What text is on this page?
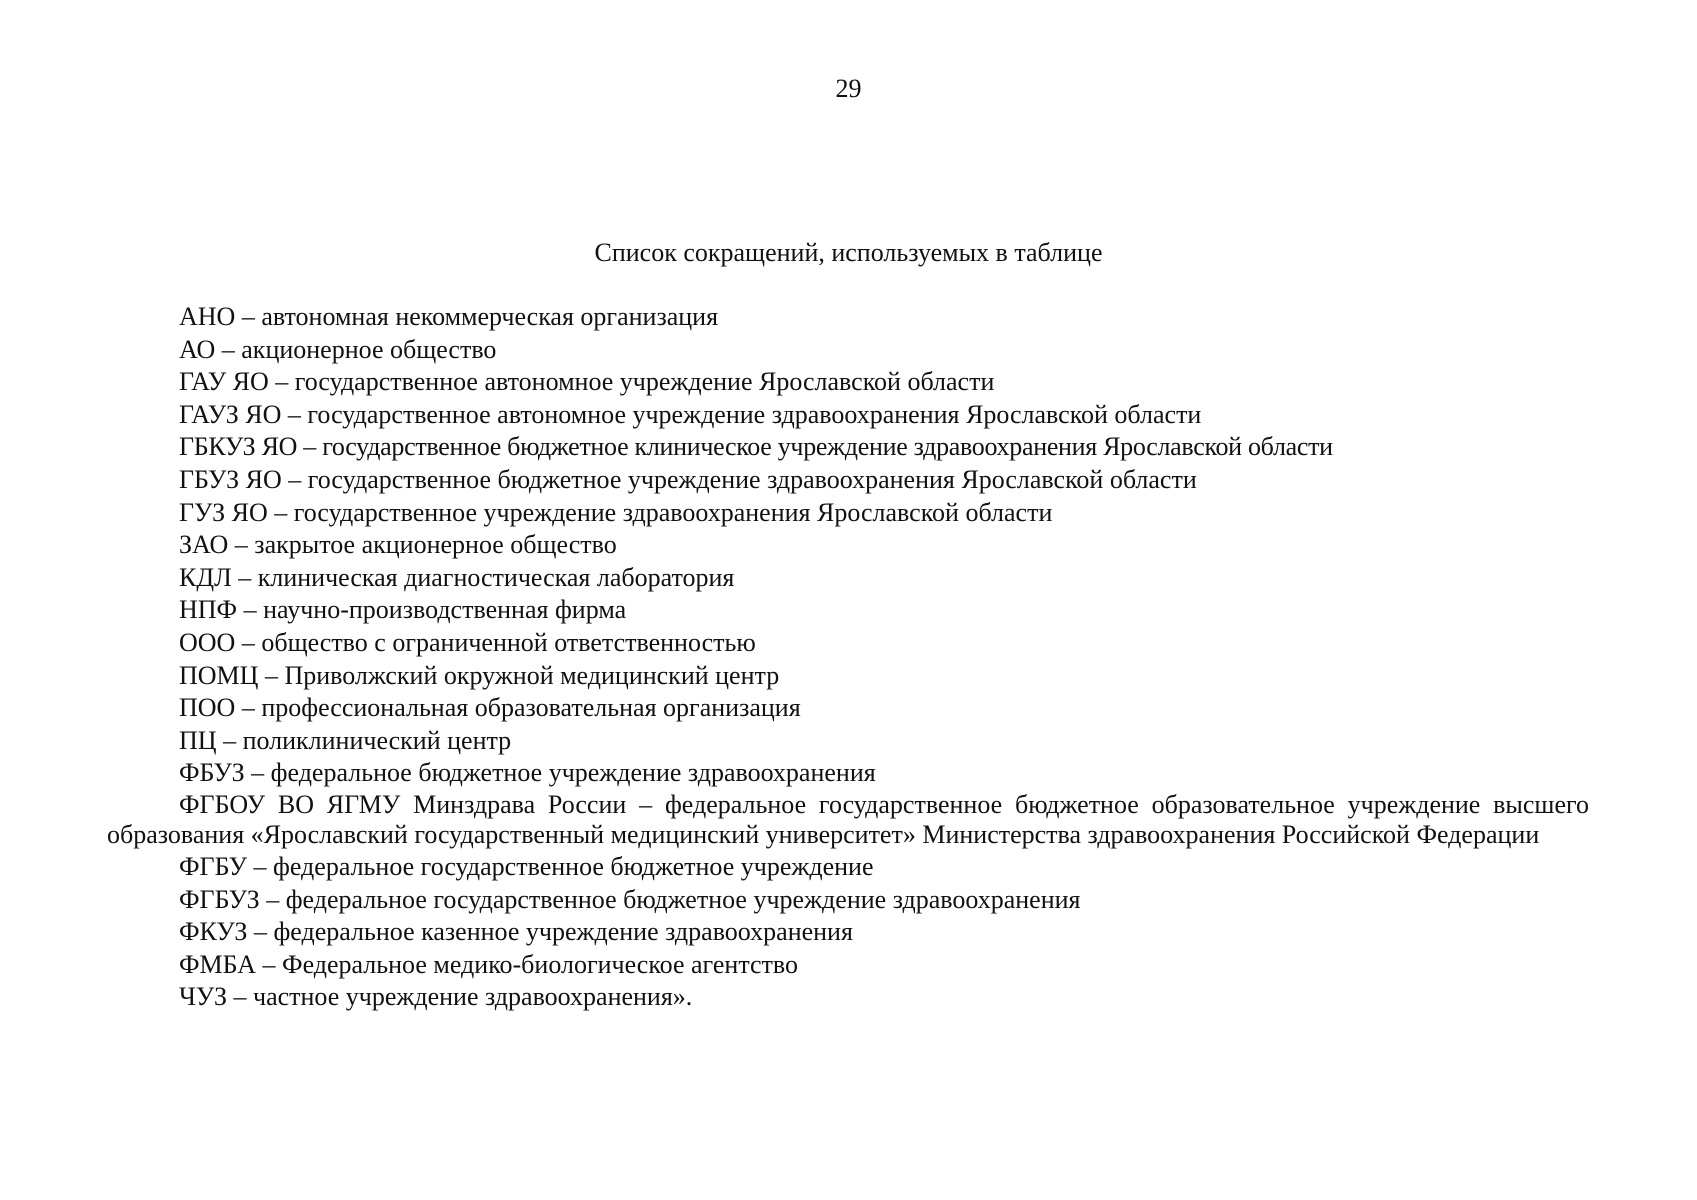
29
Список сокращений, используемых в таблице
АНО – автономная некоммерческая организация
АО – акционерное общество
ГАУ ЯО – государственное автономное учреждение Ярославской области
ГАУЗ ЯО – государственное автономное учреждение здравоохранения Ярославской области
ГБКУЗ ЯО – государственное бюджетное клиническое учреждение здравоохранения Ярославской области
ГБУЗ ЯО – государственное бюджетное учреждение здравоохранения Ярославской области
ГУЗ ЯО – государственное учреждение здравоохранения Ярославской области
ЗАО – закрытое акционерное общество
КДЛ – клиническая диагностическая лаборатория
НПФ – научно-производственная фирма
ООО – общество с ограниченной ответственностью
ПОМЦ – Приволжский окружной медицинский центр
ПОО – профессиональная образовательная организация
ПЦ – поликлинический центр
ФБУЗ – федеральное бюджетное учреждение здравоохранения
ФГБОУ ВО ЯГМУ Минздрава России – федеральное государственное бюджетное образовательное учреждение высшего образования «Ярославский государственный медицинский университет» Министерства здравоохранения Российской Федерации
ФГБУ – федеральное государственное бюджетное учреждение
ФГБУЗ – федеральное государственное бюджетное учреждение здравоохранения
ФКУЗ – федеральное казенное учреждение здравоохранения
ФМБА – Федеральное медико-биологическое агентство
ЧУЗ – частное учреждение здравоохранения».
